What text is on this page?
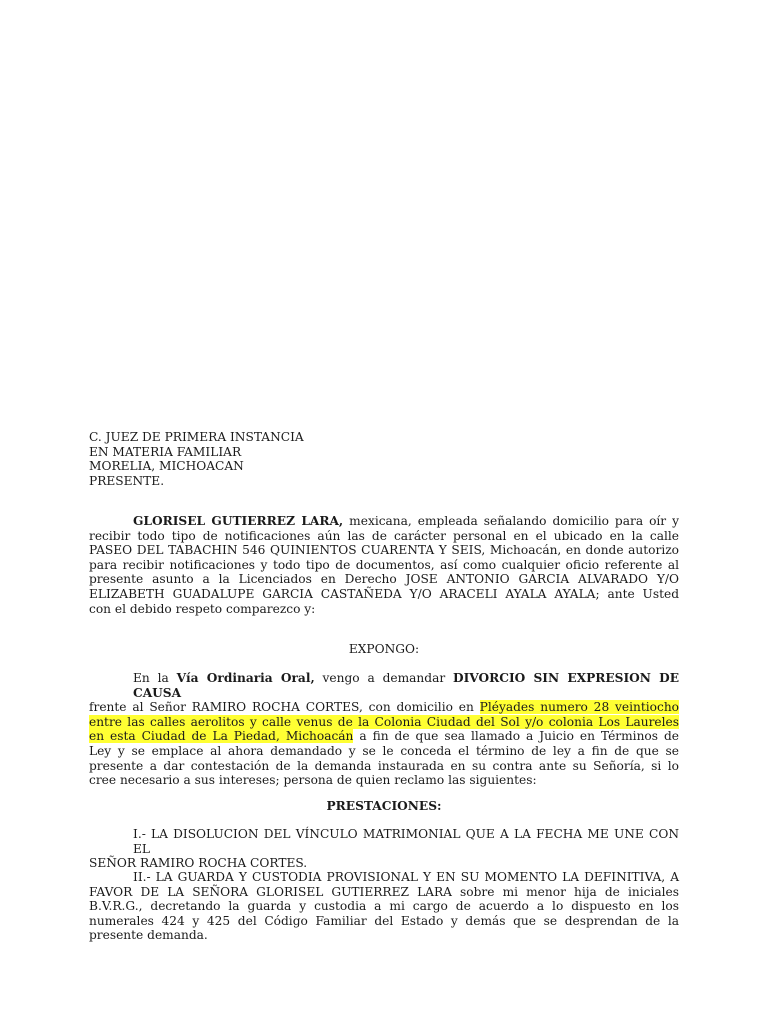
C. JUEZ DE PRIMERA INSTANCIA
EN MATERIA FAMILIAR
MORELIA, MICHOACAN
PRESENTE.
GLORISEL GUTIERREZ LARA, mexicana, empleada señalando domicilio para oír y
recibir todo tipo de notificaciones aún las de carácter personal en el ubicado en la calle
PASEO DEL TABACHIN 546 QUINIENTOS CUARENTA Y SEIS, Michoacán, en donde autorizo
para recibir notificaciones y todo tipo de documentos, así como cualquier oficio referente al
presente asunto a la Licenciados en Derecho JOSE ANTONIO GARCIA ALVARADO Y/O
ELIZABETH GUADALUPE GARCIA CASTAÑEDA Y/O ARACELI AYALA AYALA; ante Usted
con el debido respeto comparezco y:
EXPONGO:
En la Vía Ordinaria Oral, vengo a demandar DIVORCIO SIN EXPRESION DE CAUSA
frente al Señor RAMIRO ROCHA CORTES, con domicilio en Pléyades numero 28 veintiocho
entre las calles aerolitos y calle venus de la Colonia Ciudad del Sol y/o colonia Los Laureles
en esta Ciudad de La Piedad, Michoacán a fin de que sea llamado a Juicio en Términos de
Ley y se emplace al ahora demandado y se le conceda el término de ley a fin de que se
presente a dar contestación de la demanda instaurada en su contra ante su Señoría, si lo
cree necesario a sus intereses; persona de quien reclamo las siguientes:
PRESTACIONES:
I.- LA DISOLUCION DEL VÍNCULO MATRIMONIAL QUE A LA FECHA ME UNE CON EL
SEÑOR RAMIRO ROCHA CORTES.
II.- LA GUARDA Y CUSTODIA PROVISIONAL Y EN SU MOMENTO LA DEFINITIVA, A
FAVOR DE LA SEÑORA GLORISEL GUTIERREZ LARA sobre mi menor hija de iniciales
B.V.R.G., decretando la guarda y custodia a mi cargo de acuerdo a lo dispuesto en los
numerales 424 y 425 del Código Familiar del Estado y demás que se desprendan de la
presente demanda.
